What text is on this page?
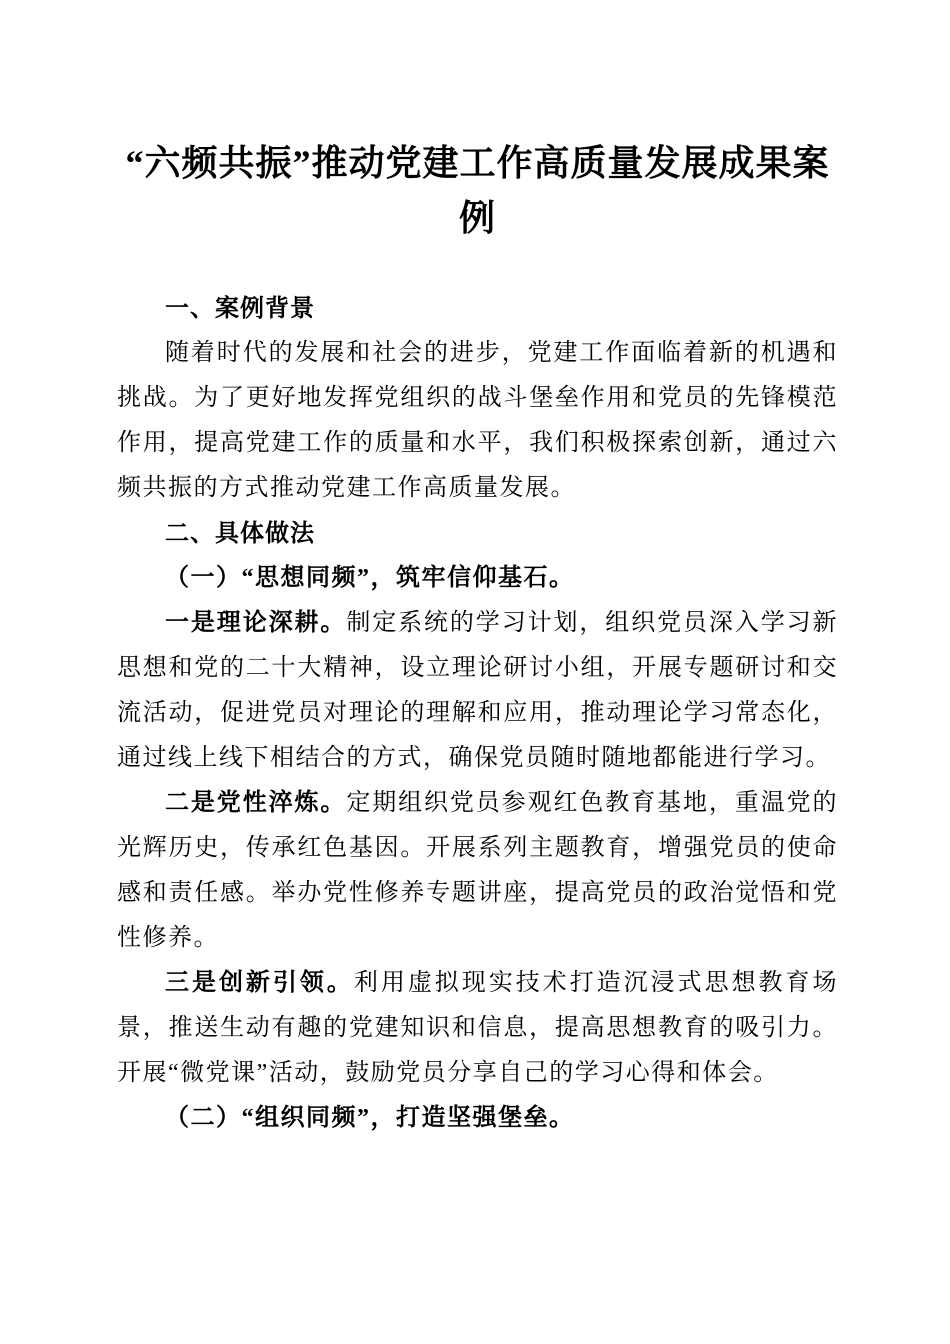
“六频共振”推动党建工作高质量发展成果案例
一、案例背景

随着时代的发展和社会的进步，党建工作面临着新的机遇和挑战。为了更好地发挥党组织的战斗堡垒作用和党员的先锋模范作用，提高党建工作的质量和水平，我们积极探索创新，通过六频共振的方式推动党建工作高质量发展。

二、具体做法
（一）“思想同频”，筑牢信仰基石。

一是理论深耕。制定系统的学习计划，组织党员深入学习新思想和党的二十大精神，设立理论研讨小组，开展专题研讨和交流活动，促进党员对理论的理解和应用，推动理论学习常态化，通过线上线下相结合的方式，确保党员随时随地都能进行学习。

二是党性淬炼。定期组织党员参观红色教育基地，重温党的光辉历史，传承红色基因。开展系列主题教育，增强党员的使命感和责任感。举办党性修养专题讲座，提高党员的政治觉悟和党性修养。

三是创新引领。利用虚拟现实技术打造沉浸式思想教育场景，推送生动有趣的党建知识和信息，提高思想教育的吸引力。开展“微党课”活动，鼓励党员分享自己的学习心得和体会。

（二）“组织同频”，打造坚强堡垒。
